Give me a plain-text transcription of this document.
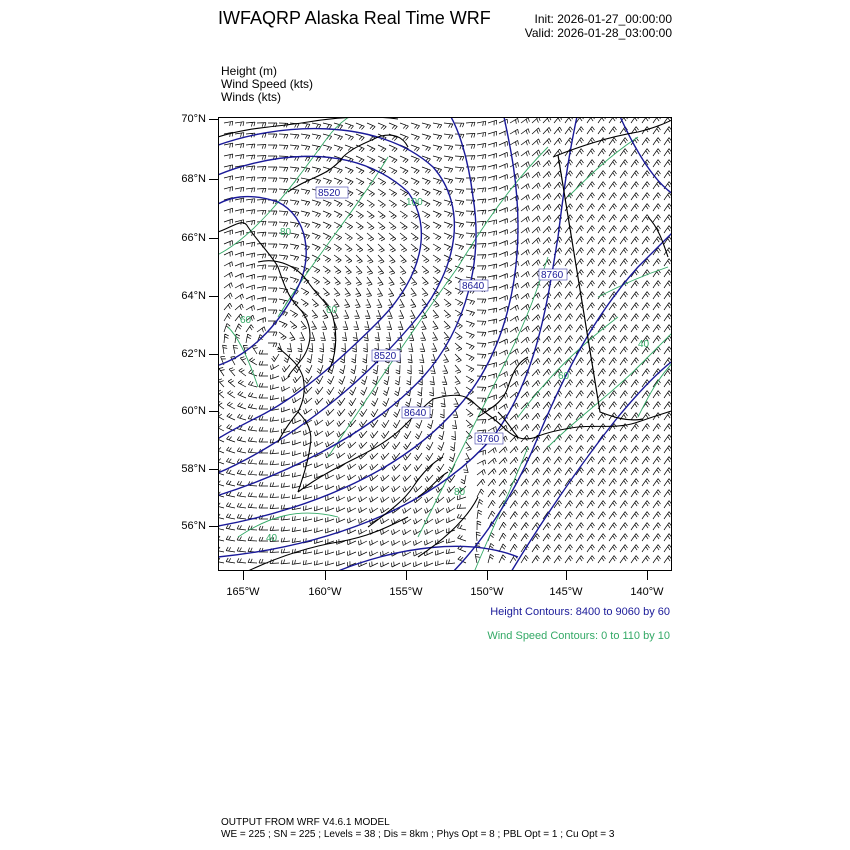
IWFAQRP Alaska Real Time WRF	Init: 2026-01-27_00:00:00
Valid: 2026-01-28_03:00:00
Height (m)
Wind Speed (kts)
Winds (kts)
70°N
68°N
66°N
64°N
62°N
60°N
58°N
56°N
165°W	160°W	155°W	150°W	145°W	140°W
8520
8640
8760
8520
8640
8760
100
80
60
60
80
40
60
40
Height Contours: 8400 to 9060 by 60
Wind Speed Contours: 0 to 110 by 10
OUTPUT FROM WRF V4.6.1 MODEL
WE = 225 ; SN = 225 ; Levels = 38 ; Dis = 8km ; Phys Opt = 8 ; PBL Opt = 1 ; Cu Opt = 3
